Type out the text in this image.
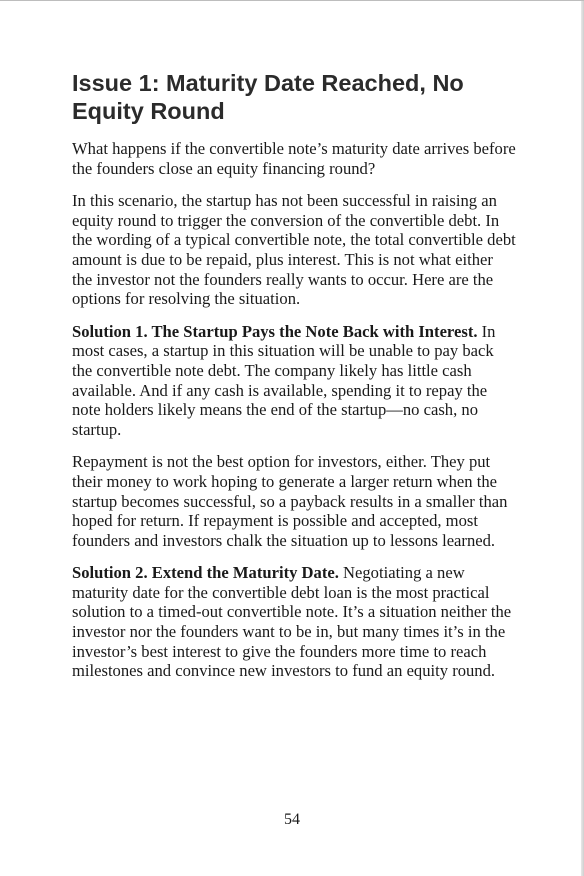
Issue 1: Maturity Date Reached, No Equity Round

What happens if the convertible note’s maturity date arrives before the founders close an equity financing round?

In this scenario, the startup has not been successful in raising an equity round to trigger the conversion of the convertible debt. In the wording of a typical convertible note, the total convertible debt amount is due to be repaid, plus interest. This is not what either the investor not the founders really wants to occur. Here are the options for resolving the situation.

Solution 1. The Startup Pays the Note Back with Interest. In most cases, a startup in this situation will be unable to pay back the convertible note debt. The company likely has little cash available. And if any cash is available, spending it to repay the note holders likely means the end of the startup—no cash, no startup.

Repayment is not the best option for investors, either. They put their money to work hoping to generate a larger return when the startup becomes successful, so a payback results in a smaller than hoped for return. If repayment is possible and accepted, most founders and investors chalk the situation up to lessons learned.

Solution 2. Extend the Maturity Date. Negotiating a new maturity date for the convertible debt loan is the most practical solution to a timed-out convertible note. It’s a situation neither the investor nor the founders want to be in, but many times it’s in the investor’s best interest to give the founders more time to reach milestones and convince new investors to fund an equity round.

54
